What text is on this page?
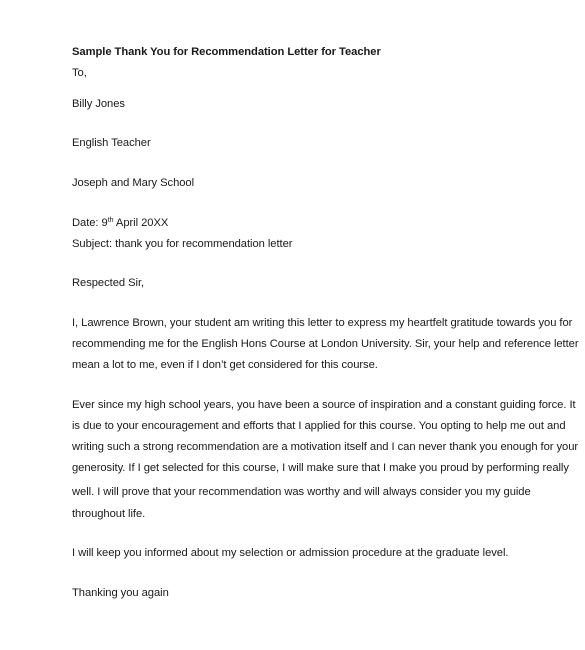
Sample Thank You for Recommendation Letter for Teacher
To,
Billy Jones
English Teacher
Joseph and Mary School
Date: 9th April 20XX
Subject: thank you for recommendation letter
Respected Sir,
I, Lawrence Brown, your student am writing this letter to express my heartfelt gratitude towards you for
recommending me for the English Hons Course at London University. Sir, your help and reference letter
mean a lot to me, even if I don’t get considered for this course.
Ever since my high school years, you have been a source of inspiration and a constant guiding force. It
is due to your encouragement and efforts that I applied for this course. You opting to help me out and
writing such a strong recommendation are a motivation itself and I can never thank you enough for your
generosity. If I get selected for this course, I will make sure that I make you proud by performing really
well. I will prove that your recommendation was worthy and will always consider you my guide
throughout life.
I will keep you informed about my selection or admission procedure at the graduate level.
Thanking you again
